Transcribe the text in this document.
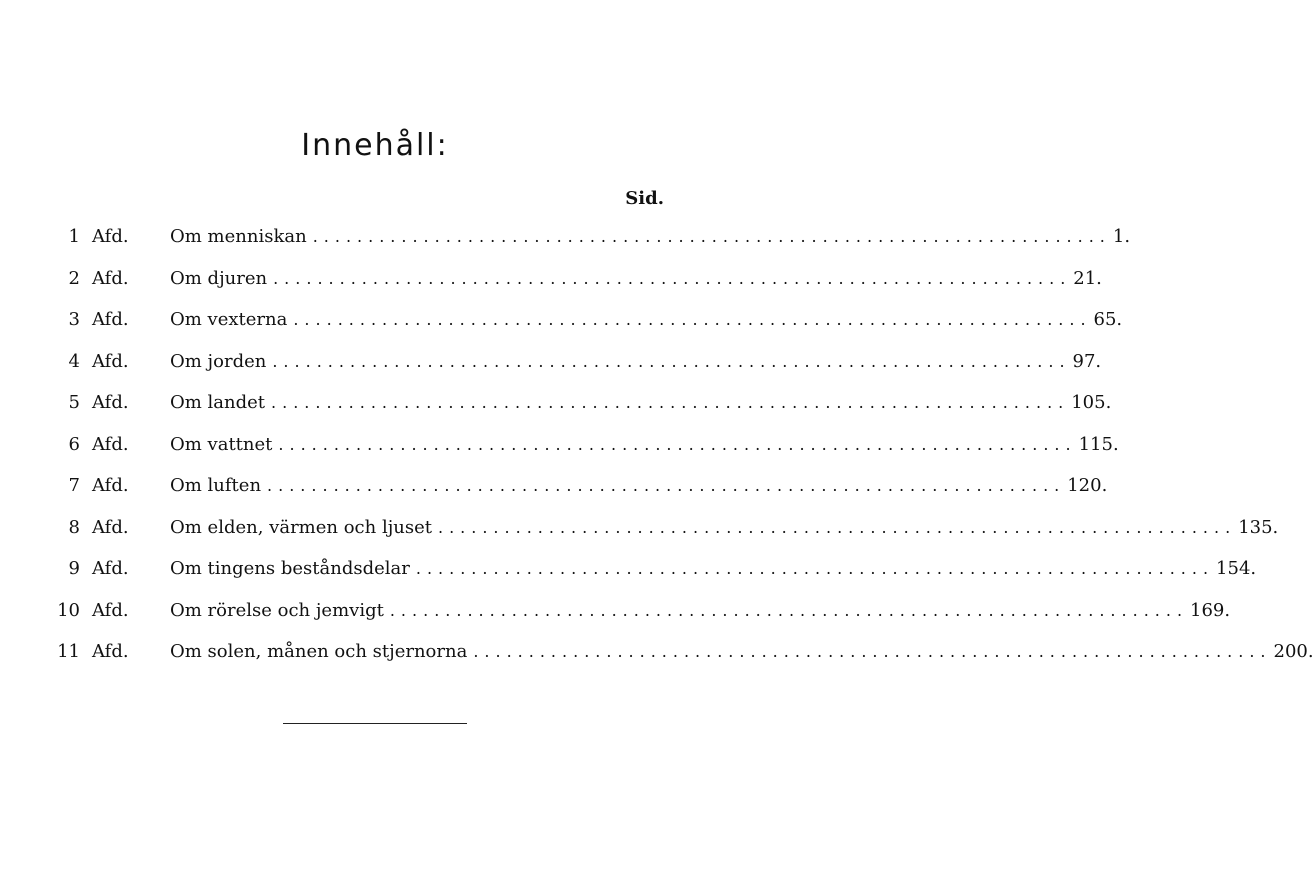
Innehåll:
Sid.
1 Afd.	Om menniskan ........................................................................ 1.
2 Afd.	Om djuren ........................................................................ 21.
3 Afd.	Om vexterna ........................................................................ 65.
4 Afd.	Om jorden ........................................................................ 97.
5 Afd.	Om landet ........................................................................ 105.
6 Afd.	Om vattnet ........................................................................ 115.
7 Afd.	Om luften ........................................................................ 120.
8 Afd.	Om elden, värmen och ljuset ........................................................................ 135.
9 Afd.	Om tingens beståndsdelar ........................................................................ 154.
10 Afd.	Om rörelse och jemvigt ........................................................................ 169.
11 Afd.	Om solen, månen och stjernorna ........................................................................ 200.
